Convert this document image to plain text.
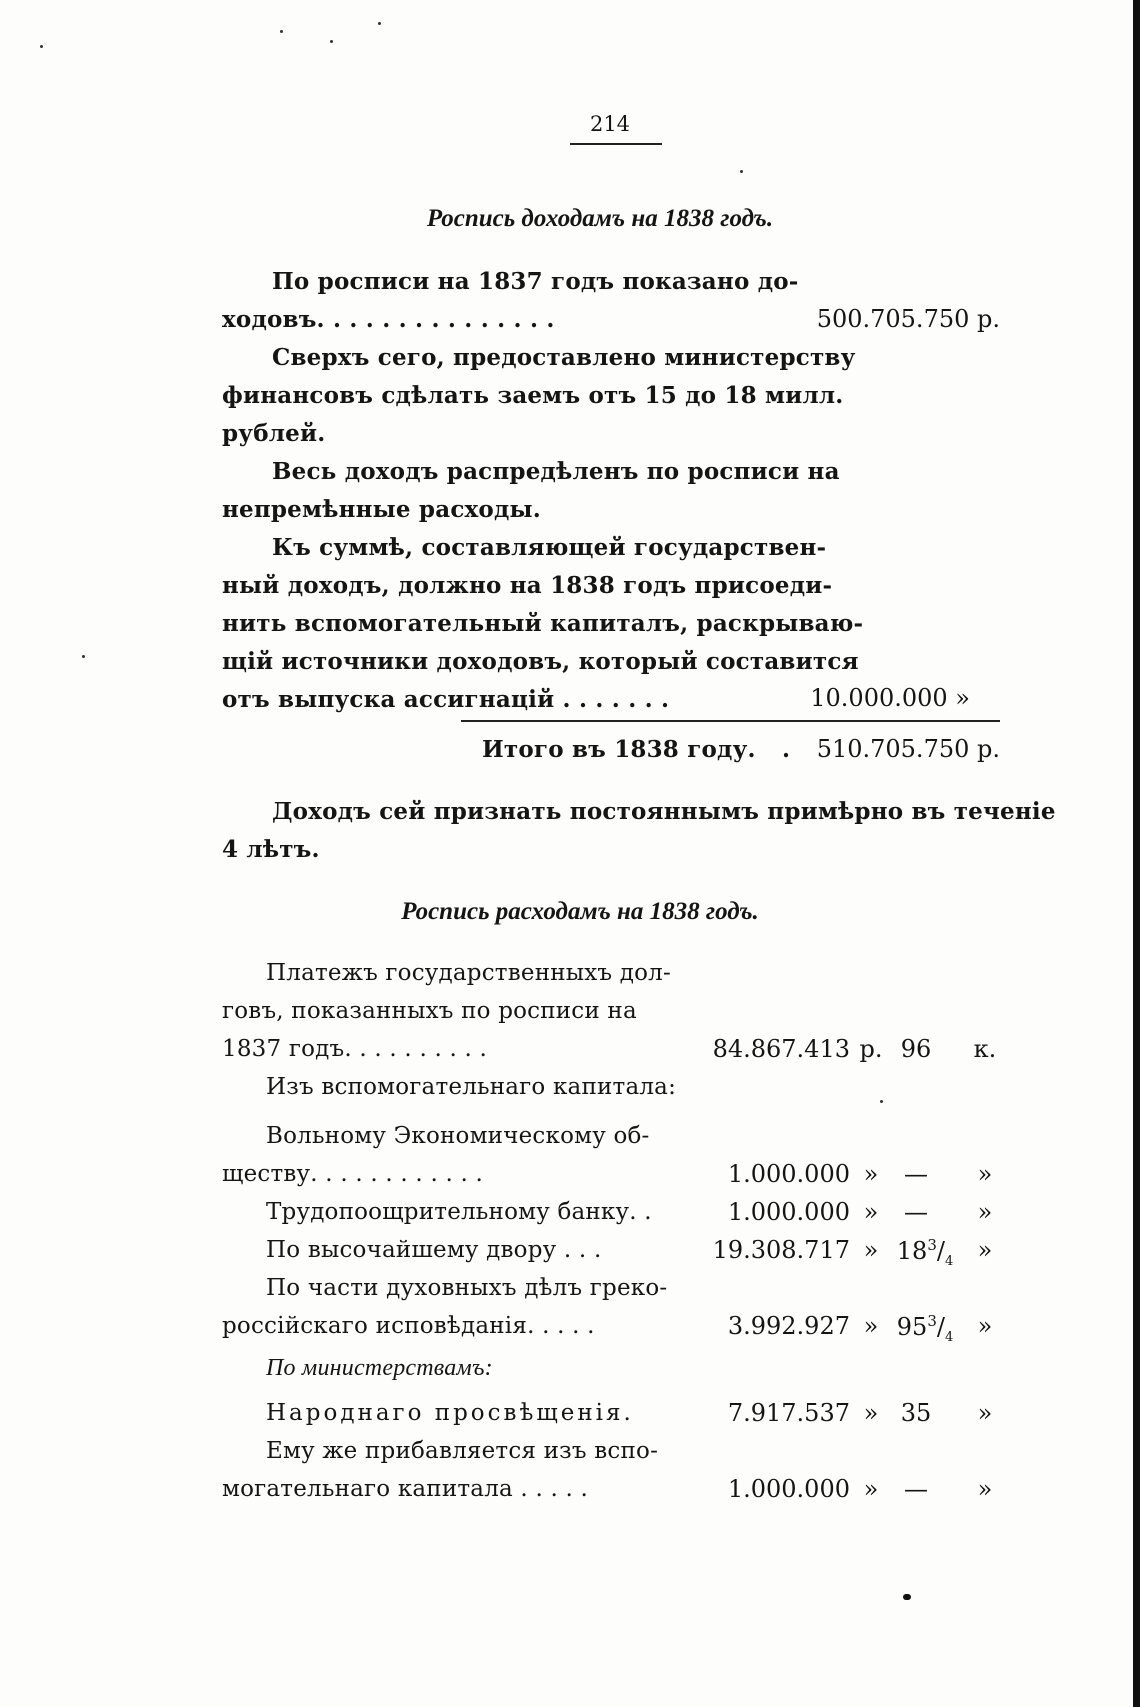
214
Роспись доходамъ на 1838 годъ.
По росписи на 1837 годъ показано до-
ходовъ. . . . . . . . . . . . . . .	500.705.750 р.
Сверхъ сего, предоставлено министерству
финансовъ сдѣлать заемъ отъ 15 до 18 милл.
рублей.
Весь доходъ распредѣленъ по росписи на
непремѣнные расходы.
Къ суммѣ, составляющей государствен-
ный доходъ, должно на 1838 годъ присоеди-
нить вспомогательный капиталъ, раскрываю-
щій источники доходовъ, который составится
отъ выпуска ассигнацій . . . . . . .	10.000.000 »
Итого въ 1838 году. .	510.705.750 р.
Доходъ сей признать постояннымъ примѣрно въ теченіе
4 лѣтъ.
Роспись расходамъ на 1838 годъ.
Платежъ государственныхъ дол-
говъ, показанныхъ по росписи на
1837 годъ. . . . . . . . . .	84.867.413 р. 96 к.
Изъ вспомогательнаго капитала:
Вольному Экономическому об-
ществу. . . . . . . . . . . .	1.000.000 »	—	»
Трудопоощрительному банку. .	1.000.000 »	—	»
По высочайшему двору . . .	19.308.717 » $18^3/_4$	»
По части духовныхъ дѣлъ греко-
россійскаго исповѣданія. . . . .	3.992.927 » $95^3/_4$	»
По министерствамъ:
Народнаго просвѣщенія.	7.917.537 » 35	»
Ему же прибавляется изъ вспо-
могательнаго капитала . . . . .	1.000.000 »	—	»
